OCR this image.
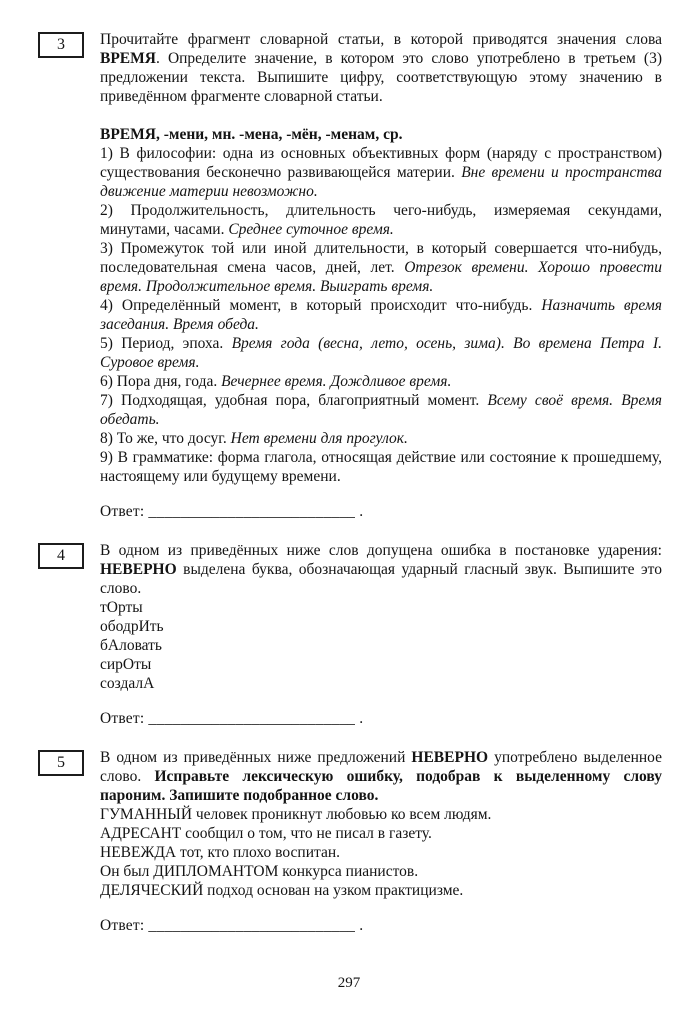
3	Прочитайте фрагмент словарной статьи, в которой приводятся значения слова ВРЕМЯ. Определите значение, в котором это слово употреблено в третьем (3) предложении текста. Выпишите цифру, соответствующую этому значению в приведённом фрагменте словарной статьи.

ВРЕМЯ, -мени, мн. -мена, -мён, -менам, ср.

1) В философии: одна из основных объективных форм (наряду с пространством) существования бесконечно развивающейся материи. Вне времени и пространства движение материи невозможно.

2) Продолжительность, длительность чего-нибудь, измеряемая секундами, минутами, часами. Среднее суточное время.

3) Промежуток той или иной длительности, в который совершается что-нибудь, последовательная смена часов, дней, лет. Отрезок времени. Хорошо провести время. Продолжительное время. Выиграть время.

4) Определённый момент, в который происходит что-нибудь. Назначить время заседания. Время обеда.

5) Период, эпоха. Время года (весна, лето, осень, зима). Во времена Петра I. Суровое время.

6) Пора дня, года. Вечернее время. Дождливое время.

7) Подходящая, удобная пора, благоприятный момент. Всему своё время. Время обедать.

8) То же, что досуг. Нет времени для прогулок.

9) В грамматике: форма глагола, относящая действие или состояние к прошедшему, настоящему или будущему времени.

Ответ: __________________________ .

4	В одном из приведённых ниже слов допущена ошибка в постановке ударения: НЕВЕРНО выделена буква, обозначающая ударный гласный звук. Выпишите это слово.

тОрты

ободрИть

бАловать

сирОты

создалА

Ответ: __________________________ .

5	В одном из приведённых ниже предложений НЕВЕРНО употреблено выделенное слово. Исправьте лексическую ошибку, подобрав к выделенному слову пароним. Запишите подобранное слово.

ГУМАННЫЙ человек проникнут любовью ко всем людям.

АДРЕСАНТ сообщил о том, что не писал в газету.

НЕВЕЖДА тот, кто плохо воспитан.

Он был ДИПЛОМАНТОМ конкурса пианистов.

ДЕЛЯЧЕСКИЙ подход основан на узком практицизме.

Ответ: __________________________ .

297
